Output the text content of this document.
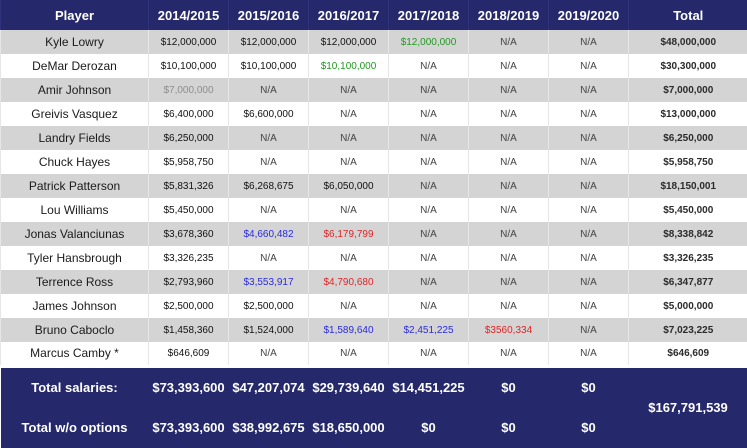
Player	2014/2015	2015/2016	2016/2017	2017/2018	2018/2019	2019/2020	Total
Kyle Lowry	$12,000,000	$12,000,000	$12,000,000	$12,000,000	N/A	N/A	$48,000,000
DeMar Derozan	$10,100,000	$10,100,000	$10,100,000	N/A	N/A	N/A	$30,300,000
Amir Johnson	$7,000,000	N/A	N/A	N/A	N/A	N/A	$7,000,000
Greivis Vasquez	$6,400,000	$6,600,000	N/A	N/A	N/A	N/A	$13,000,000
Landry Fields	$6,250,000	N/A	N/A	N/A	N/A	N/A	$6,250,000
Chuck Hayes	$5,958,750	N/A	N/A	N/A	N/A	N/A	$5,958,750
Patrick Patterson	$5,831,326	$6,268,675	$6,050,000	N/A	N/A	N/A	$18,150,001
Lou Williams	$5,450,000	N/A	N/A	N/A	N/A	N/A	$5,450,000
Jonas Valanciunas	$3,678,360	$4,660,482	$6,179,799	N/A	N/A	N/A	$8,338,842
Tyler Hansbrough	$3,326,235	N/A	N/A	N/A	N/A	N/A	$3,326,235
Terrence Ross	$2,793,960	$3,553,917	$4,790,680	N/A	N/A	N/A	$6,347,877
James Johnson	$2,500,000	$2,500,000	N/A	N/A	N/A	N/A	$5,000,000
Bruno Caboclo	$1,458,360	$1,524,000	$1,589,640	$2,451,225	$3560,334	N/A	$7,023,225
Marcus Camby *	$646,609	N/A	N/A	N/A	N/A	N/A	$646,609
Total salaries:	$73,393,600	$47,207,074	$29,739,640	$14,451,225	$0	$0	$167,791,539
Total w/o options	$73,393,600	$38,992,675	$18,650,000	$0	$0	$0	
